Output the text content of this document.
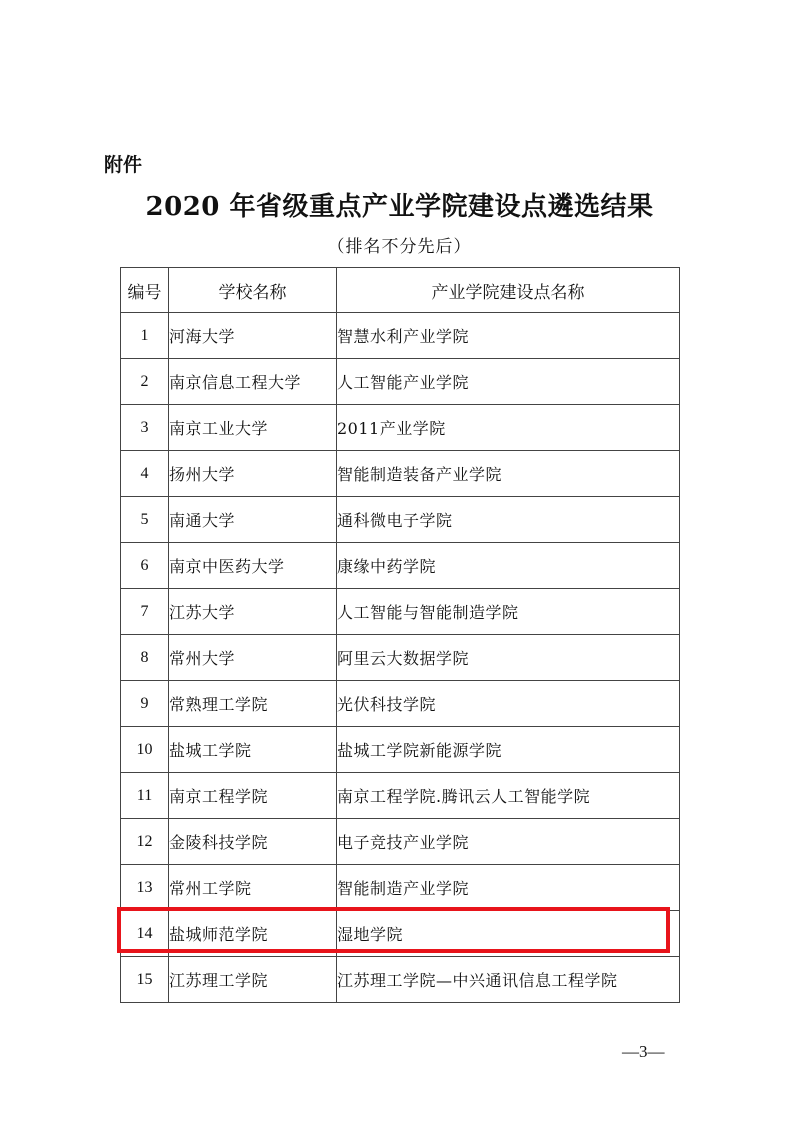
附件
2020 年省级重点产业学院建设点遴选结果
（排名不分先后）
编号	学校名称	产业学院建设点名称
1	河海大学	智慧水利产业学院
2	南京信息工程大学	人工智能产业学院
3	南京工业大学	2011产业学院
4	扬州大学	智能制造装备产业学院
5	南通大学	通科微电子学院
6	南京中医药大学	康缘中药学院
7	江苏大学	人工智能与智能制造学院
8	常州大学	阿里云大数据学院
9	常熟理工学院	光伏科技学院
10	盐城工学院	盐城工学院新能源学院
11	南京工程学院	南京工程学院.腾讯云人工智能学院
12	金陵科技学院	电子竞技产业学院
13	常州工学院	智能制造产业学院
14	盐城师范学院	湿地学院
15	江苏理工学院	江苏理工学院—中兴通讯信息工程学院
—3—
